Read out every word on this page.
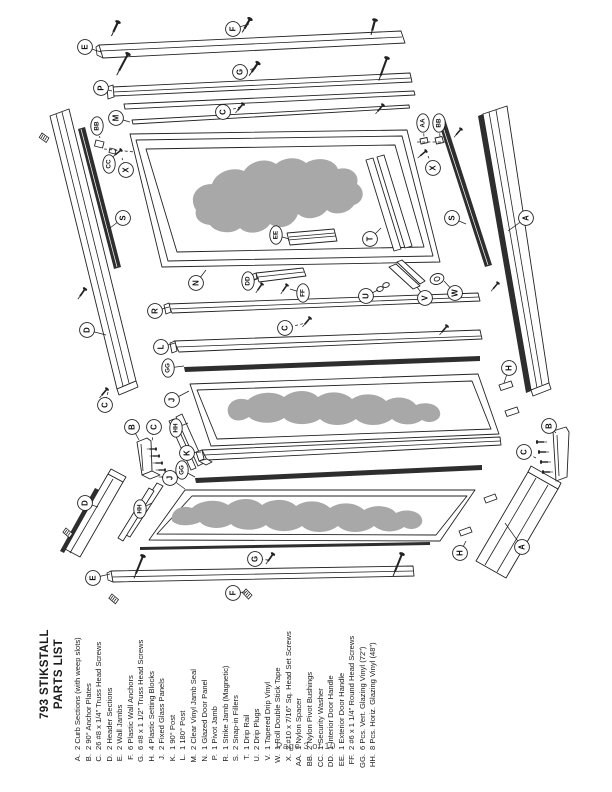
E
F
G
P
M
BB
CC
X
C
AA BB
X
S	S	A
D
C
N	DD
EE
FF
T
U	V
W
R
C
L
GG
J
HH
B C
K
GG
J
HH
D
E
F
G
H
B
C
H
A
793 STIKSTALL PARTS LIST
A.
2 Curb Sections (with weep slots)
B.
2 90° Anchor Plates
C.
26 #8 x 1/4" Truss Head Screws
D.
2 Header Sections
E.
2 Wall Jambs
F.
6 Plastic Wall Anchors
G.
6 #8 x 1 1/2" Truss Head Screws
H.
4 Plastic Setting Blocks
J.
2 Fixed Glass Panels
K.
1 90° Post
L.
1 180° Post
M.
2 Clear Vinyl Jamb Seal
N.
1 Glazed Door Panel
P.
1 Pivot Jamb
R.
1 Strike Jamb (Magnetic)
S.
2 Snap-in Fillers
T.
1 Drip Rail
U.
2 Drip Plugs
V.
1 Tapered Drip Vinyl
W.
1 Roll Double Stick Tape
X.
2 #10 x 7/16" Sq. Head Set Screws
AA.
1 Nylon Spacer
BB.
2 Nylon Pivot Bushings
CC.
1 Security Washer
DD.
1 Interior Door Handle
EE.
1 Exterior Door Handle
FF.
2 #6 x 1 1/4" Round Head Screws
GG.
6 Pcs. Vert. Glazing Vinyl (72")
HH.
8 Pcs. Horiz. Glazing Vinyl (48")
Page 3 of 10
